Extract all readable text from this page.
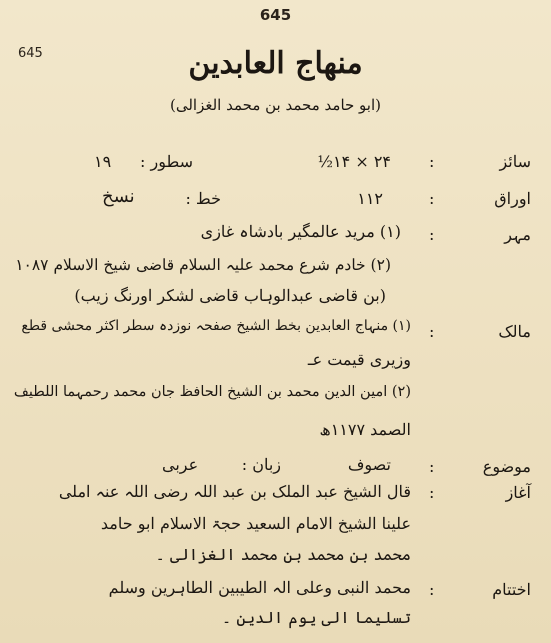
645
645	منهاج العابدین
(ابو حامد محمد بن محمد الغزالی)
سائز
:
۲۴ × ۱۴½
سطور :
۱۹
اوراق
:
۱۱۲
خط :
نسخ
مہر
:
(۱) مرید عالمگیر بادشاہ غازی
(۲) خادم شرع محمد علیہ السلام قاضی شیخ الاسلام ۱۰۸۷
(بن قاضی عبدالوہاب قاضی لشکر اورنگ زیب)
مالک
:
(۱) منہاج العابدین بخط الشیخ صفحہ نوزدہ سطر اکثر محشی قطع
وزیری قیمت عـ
(۲) امین الدین محمد بن الشیخ الحافظ جان محمد رحمہما اللطیف
الصمد ۱۱۷۷ھ
موضوع
:
تصوف
زبان :
عربی
آغاز
:
قال الشیخ عبد الملک بن عبد اللہ رضی اللہ عنہ املی
علینا الشیخ الامام السعید حجۃ الاسلام ابو حامد
محمد بن محمد بن محمد الغزالی ۔
اختتام
:
محمد النبی وعلی الہ الطیبین الطاہرین وسلم
تسلیما الی یوم الدین ۔
